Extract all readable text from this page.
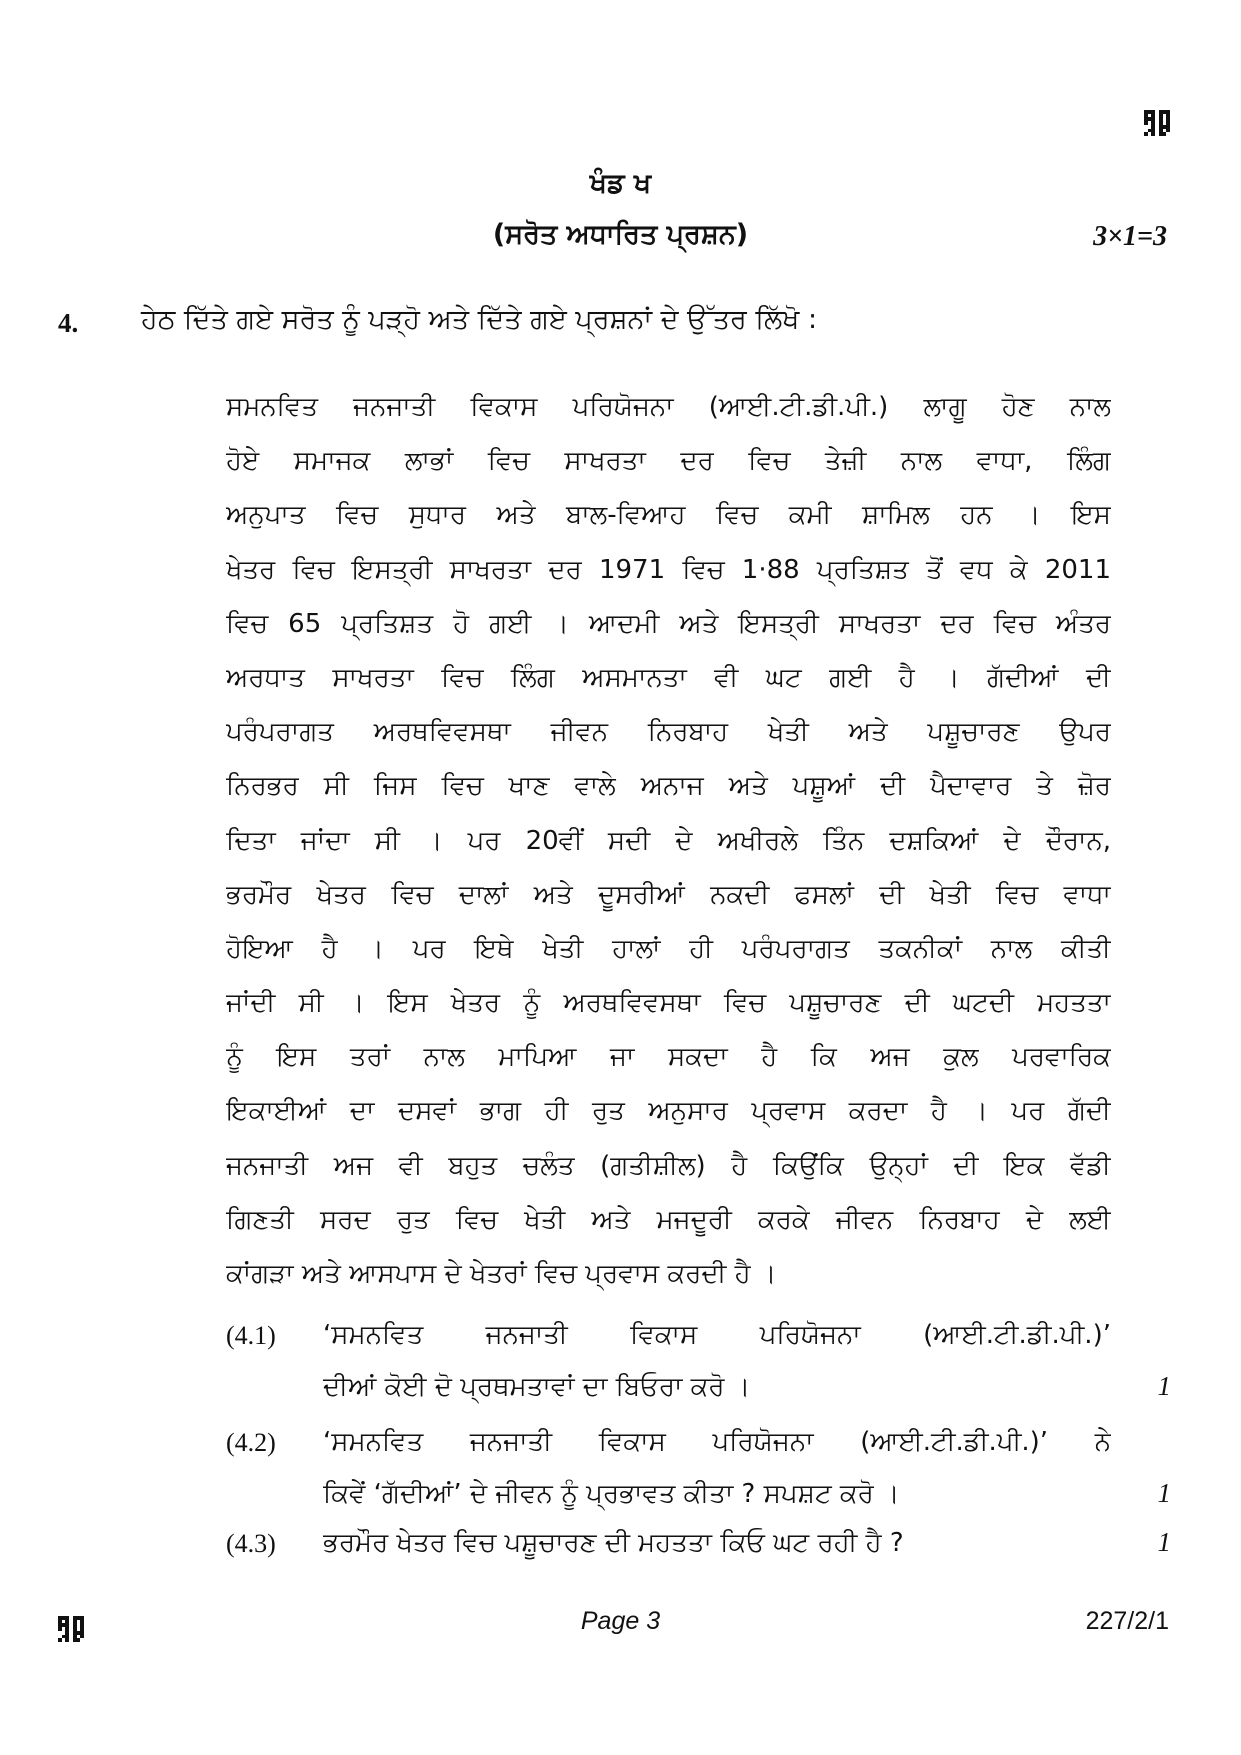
ਖੰਡ ਖ
(ਸਰੋਤ ਅਧਾਰਿਤ ਪ੍ਰਸ਼ਨ)	3×1=3
4. ਹੇਠ ਦਿੱਤੇ ਗਏ ਸਰੋਤ ਨੂੰ ਪੜ੍ਹੋ ਅਤੇ ਦਿੱਤੇ ਗਏ ਪ੍ਰਸ਼ਨਾਂ ਦੇ ਉੱਤਰ ਲਿੱਖੋ :
ਸਮਨਵਿਤ ਜਨਜਾਤੀ ਵਿਕਾਸ ਪਰਿਯੋਜਨਾ (ਆਈ.ਟੀ.ਡੀ.ਪੀ.) ਲਾਗੂ ਹੋਣ ਨਾਲ
ਹੋਏ ਸਮਾਜਕ ਲਾਭਾਂ ਵਿਚ ਸਾਖਰਤਾ ਦਰ ਵਿਚ ਤੇਜ਼ੀ ਨਾਲ ਵਾਧਾ, ਲਿੰਗ
ਅਨੁਪਾਤ ਵਿਚ ਸੁਧਾਰ ਅਤੇ ਬਾਲ-ਵਿਆਹ ਵਿਚ ਕਮੀ ਸ਼ਾਮਿਲ ਹਨ । ਇਸ
ਖੇਤਰ ਵਿਚ ਇਸਤ੍ਰੀ ਸਾਖਰਤਾ ਦਰ 1971 ਵਿਚ 1·88 ਪ੍ਰਤਿਸ਼ਤ ਤੋਂ ਵਧ ਕੇ 2011
ਵਿਚ 65 ਪ੍ਰਤਿਸ਼ਤ ਹੋ ਗਈ । ਆਦਮੀ ਅਤੇ ਇਸਤ੍ਰੀ ਸਾਖਰਤਾ ਦਰ ਵਿਚ ਅੰਤਰ
ਅਰਧਾਤ ਸਾਖਰਤਾ ਵਿਚ ਲਿੰਗ ਅਸਮਾਨਤਾ ਵੀ ਘਟ ਗਈ ਹੈ । ਗੱਦੀਆਂ ਦੀ
ਪਰੰਪਰਾਗਤ ਅਰਥਵਿਵਸਥਾ ਜੀਵਨ ਨਿਰਬਾਹ ਖੇਤੀ ਅਤੇ ਪਸ਼ੂਚਾਰਣ ਉਪਰ
ਨਿਰਭਰ ਸੀ ਜਿਸ ਵਿਚ ਖਾਣ ਵਾਲੇ ਅਨਾਜ ਅਤੇ ਪਸ਼ੂਆਂ ਦੀ ਪੈਦਾਵਾਰ ਤੇ ਜ਼ੋਰ
ਦਿਤਾ ਜਾਂਦਾ ਸੀ । ਪਰ 20ਵੀਂ ਸਦੀ ਦੇ ਅਖੀਰਲੇ ਤਿੰਨ ਦਸ਼ਕਿਆਂ ਦੇ ਦੌਰਾਨ,
ਭਰਮੌਰ ਖੇਤਰ ਵਿਚ ਦਾਲਾਂ ਅਤੇ ਦੂਸਰੀਆਂ ਨਕਦੀ ਫਸਲਾਂ ਦੀ ਖੇਤੀ ਵਿਚ ਵਾਧਾ
ਹੋਇਆ ਹੈ । ਪਰ ਇਥੇ ਖੇਤੀ ਹਾਲਾਂ ਹੀ ਪਰੰਪਰਾਗਤ ਤਕਨੀਕਾਂ ਨਾਲ ਕੀਤੀ
ਜਾਂਦੀ ਸੀ । ਇਸ ਖੇਤਰ ਨੂੰ ਅਰਥਵਿਵਸਥਾ ਵਿਚ ਪਸ਼ੂਚਾਰਣ ਦੀ ਘਟਦੀ ਮਹਤਤਾ
ਨੂੰ ਇਸ ਤਰਾਂ ਨਾਲ ਮਾਪਿਆ ਜਾ ਸਕਦਾ ਹੈ ਕਿ ਅਜ ਕੁਲ ਪਰਵਾਰਿਕ
ਇਕਾਈਆਂ ਦਾ ਦਸਵਾਂ ਭਾਗ ਹੀ ਰੁਤ ਅਨੁਸਾਰ ਪ੍ਰਵਾਸ ਕਰਦਾ ਹੈ । ਪਰ ਗੱਦੀ
ਜਨਜਾਤੀ ਅਜ ਵੀ ਬਹੁਤ ਚਲੰਤ (ਗਤੀਸ਼ੀਲ) ਹੈ ਕਿਉਂਕਿ ਉਨ੍ਹਾਂ ਦੀ ਇਕ ਵੱਡੀ
ਗਿਣਤੀ ਸਰਦ ਰੁਤ ਵਿਚ ਖੇਤੀ ਅਤੇ ਮਜਦੂਰੀ ਕਰਕੇ ਜੀਵਨ ਨਿਰਬਾਹ ਦੇ ਲਈ
ਕਾਂਗੜਾ ਅਤੇ ਆਸਪਾਸ ਦੇ ਖੇਤਰਾਂ ਵਿਚ ਪ੍ਰਵਾਸ ਕਰਦੀ ਹੈ ।
(4.1) ‘ਸਮਨਵਿਤ ਜਨਜਾਤੀ ਵਿਕਾਸ ਪਰਿਯੋਜਨਾ (ਆਈ.ਟੀ.ਡੀ.ਪੀ.)’
ਦੀਆਂ ਕੋਈ ਦੋ ਪ੍ਰਥਮਤਾਵਾਂ ਦਾ ਬਿਓਰਾ ਕਰੋ ।	1
(4.2) ‘ਸਮਨਵਿਤ ਜਨਜਾਤੀ ਵਿਕਾਸ ਪਰਿਯੋਜਨਾ (ਆਈ.ਟੀ.ਡੀ.ਪੀ.)’ ਨੇ
ਕਿਵੇਂ ‘ਗੱਦੀਆਂ’ ਦੇ ਜੀਵਨ ਨੂੰ ਪ੍ਰਭਾਵਤ ਕੀਤਾ ? ਸਪਸ਼ਟ ਕਰੋ ।	1
(4.3) ਭਰਮੌਰ ਖੇਤਰ ਵਿਚ ਪਸ਼ੂਚਾਰਣ ਦੀ ਮਹਤਤਾ ਕਿਓ ਘਟ ਰਹੀ ਹੈ ?	1
Page 3	227/2/1
